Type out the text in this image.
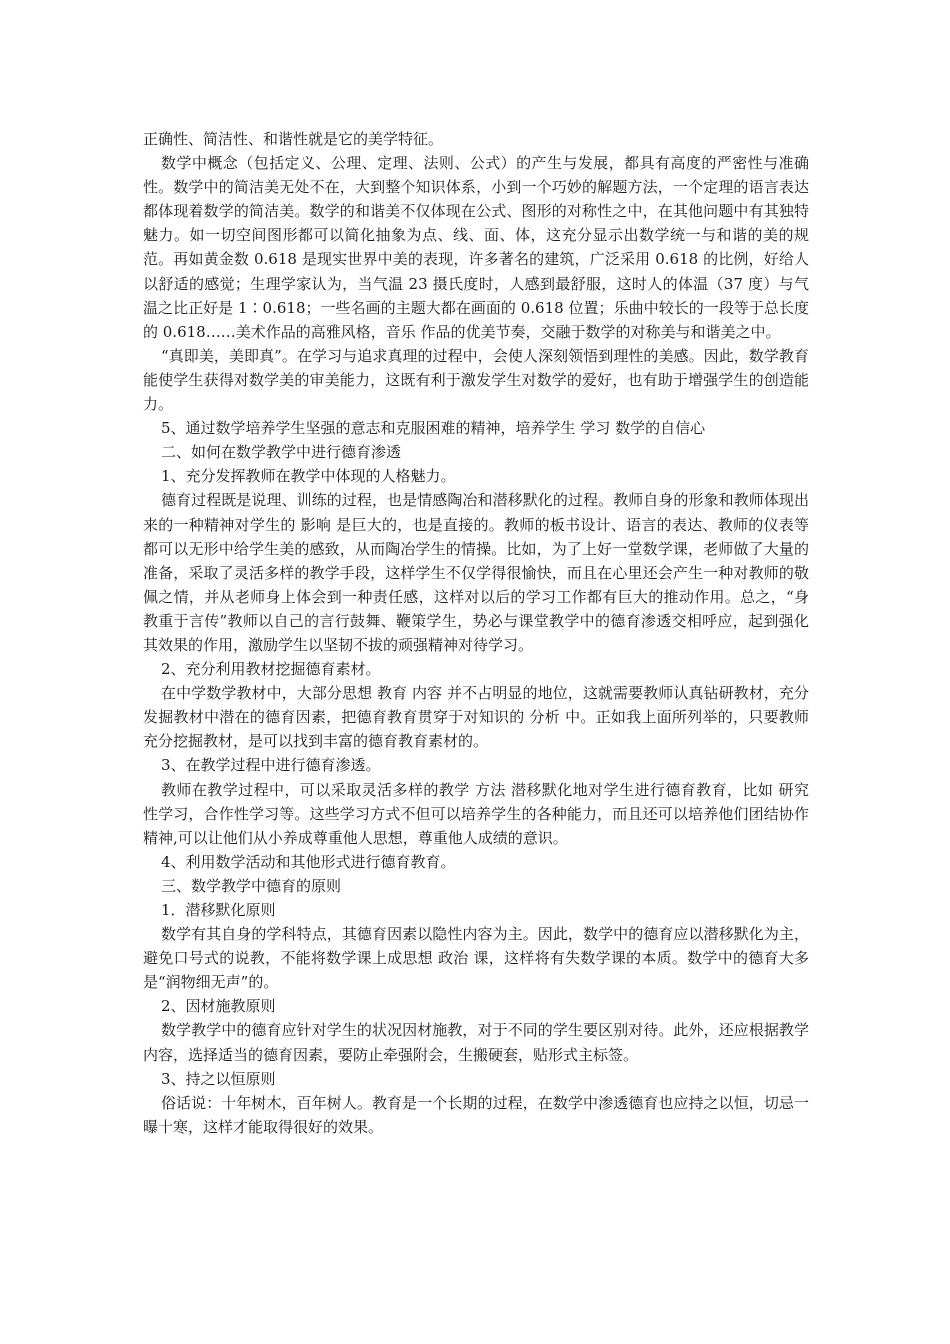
正确性、简洁性、和谐性就是它的美学特征。

数学中概念（包括定义、公理、定理、法则、公式）的产生与发展，都具有高度的严密性与准确性。数学中的简洁美无处不在，大到整个知识体系，小到一个巧妙的解题方法，一个定理的语言表达都体现着数学的简洁美。数学的和谐美不仅体现在公式、图形的对称性之中，在其他问题中有其独特魅力。如一切空间图形都可以简化抽象为点、线、面、体，这充分显示出数学统一与和谐的美的规范。再如黄金数 0.618 是现实世界中美的表现，许多著名的建筑，广泛采用 0.618 的比例，好给人以舒适的感觉；生理学家认为，当气温 23 摄氏度时，人感到最舒服，这时人的体温（37 度）与气温之比正好是 1∶0.618；一些名画的主题大都在画面的 0.618 位置；乐曲中较长的一段等于总长度的 0.618……美术作品的高雅风格，音乐 作品的优美节奏，交融于数学的对称美与和谐美之中。

“真即美，美即真”。在学习与追求真理的过程中，会使人深刻领悟到理性的美感。因此，数学教育能使学生获得对数学美的审美能力，这既有利于激发学生对数学的爱好，也有助于增强学生的创造能力。

5、通过数学培养学生坚强的意志和克服困难的精神，培养学生 学习 数学的自信心

二、如何在数学教学中进行德育渗透

1、充分发挥教师在教学中体现的人格魅力。

德育过程既是说理、训练的过程，也是情感陶冶和潜移默化的过程。教师自身的形象和教师体现出来的一种精神对学生的 影响 是巨大的，也是直接的。教师的板书设计、语言的表达、教师的仪表等都可以无形中给学生美的感致，从而陶冶学生的情操。比如，为了上好一堂数学课，老师做了大量的准备，采取了灵活多样的教学手段，这样学生不仅学得很愉快，而且在心里还会产生一种对教师的敬佩之情，并从老师身上体会到一种责任感，这样对以后的学习工作都有巨大的推动作用。总之，“身教重于言传”教师以自己的言行鼓舞、鞭策学生，势必与课堂教学中的德育渗透交相呼应，起到强化其效果的作用，激励学生以坚韧不拔的顽强精神对待学习。

2、充分利用教材挖掘德育素材。

在中学数学教材中，大部分思想 教育 内容 并不占明显的地位，这就需要教师认真钻研教材，充分发掘教材中潜在的德育因素，把德育教育贯穿于对知识的 分析 中。正如我上面所列举的，只要教师充分挖掘教材，是可以找到丰富的德育教育素材的。

3、在教学过程中进行德育渗透。

教师在教学过程中，可以采取灵活多样的教学 方法 潜移默化地对学生进行德育教育，比如 研究 性学习，合作性学习等。这些学习方式不但可以培养学生的各种能力，而且还可以培养他们团结协作精神,可以让他们从小养成尊重他人思想，尊重他人成绩的意识。

4、利用数学活动和其他形式进行德育教育。

三、数学教学中德育的原则

1．潜移默化原则

数学有其自身的学科特点，其德育因素以隐性内容为主。因此，数学中的德育应以潜移默化为主，避免口号式的说教，不能将数学课上成思想 政治 课，这样将有失数学课的本质。数学中的德育大多是“润物细无声”的。

2、因材施教原则

数学教学中的德育应针对学生的状况因材施教，对于不同的学生要区别对待。此外，还应根据教学内容，选择适当的德育因素，要防止牵强附会，生搬硬套，贴形式主标签。

3、持之以恒原则

俗话说：十年树木，百年树人。教育是一个长期的过程，在数学中渗透德育也应持之以恒，切忌一曝十寒，这样才能取得很好的效果。
